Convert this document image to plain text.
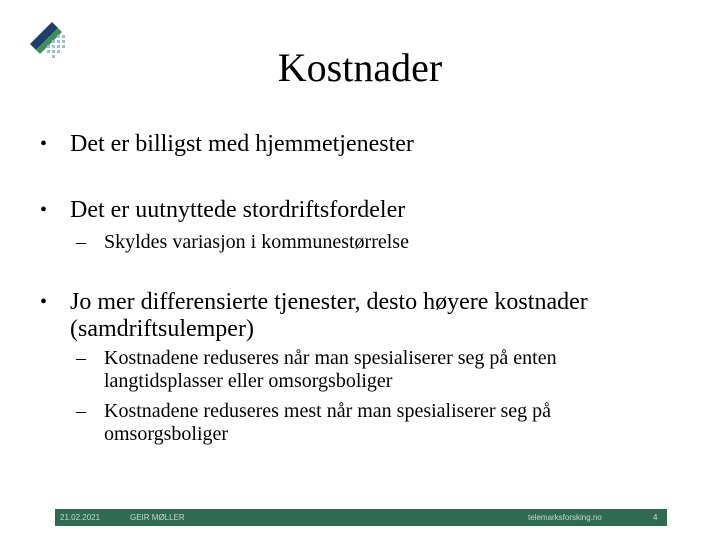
Kostnader
• Det er billigst med hjemmetjenester
• Det er uutnyttede stordriftsfordeler
– Skyldes variasjon i kommunestørrelse
• Jo mer differensierte tjenester, desto høyere kostnader
(samdriftsulemper)
– Kostnadene reduseres når man spesialiserer seg på enten
langtidsplasser eller omsorgsboliger
– Kostnadene reduseres mest når man spesialiserer seg på
omsorgsboliger
21.02.2021	GEIR MØLLER	telemarksforsking.no	4
